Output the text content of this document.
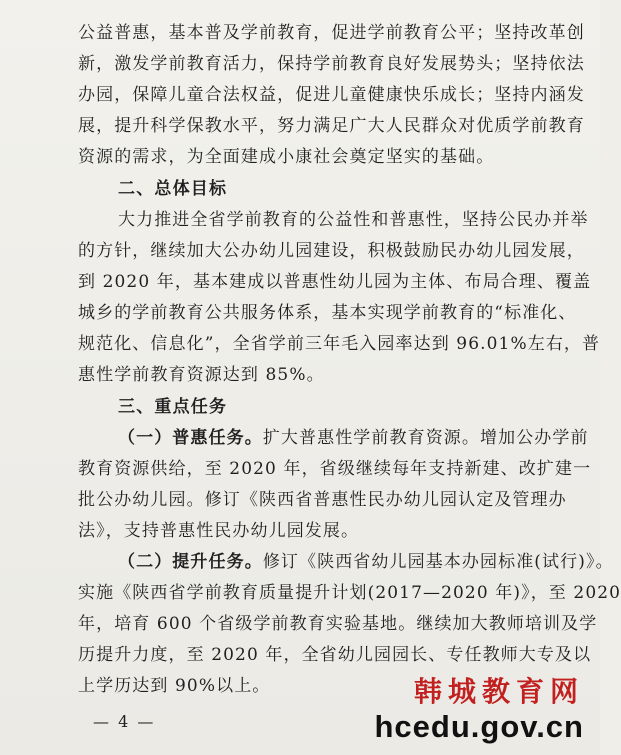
公益普惠，基本普及学前教育，促进学前教育公平；坚持改革创
新，激发学前教育活力，保持学前教育良好发展势头；坚持依法
办园，保障儿童合法权益，促进儿童健康快乐成长；坚持内涵发
展，提升科学保教水平，努力满足广大人民群众对优质学前教育
资源的需求，为全面建成小康社会奠定坚实的基础。
二、总体目标
大力推进全省学前教育的公益性和普惠性，坚持公民办并举
的方针，继续加大公办幼儿园建设，积极鼓励民办幼儿园发展，
到 2020 年，基本建成以普惠性幼儿园为主体、布局合理、覆盖
城乡的学前教育公共服务体系，基本实现学前教育的“标准化、
规范化、信息化”，全省学前三年毛入园率达到 96.01%左右，普
惠性学前教育资源达到 85%。
三、重点任务
（一）普惠任务。扩大普惠性学前教育资源。增加公办学前
教育资源供给，至 2020 年，省级继续每年支持新建、改扩建一
批公办幼儿园。修订《陕西省普惠性民办幼儿园认定及管理办
法》，支持普惠性民办幼儿园发展。
（二）提升任务。修订《陕西省幼儿园基本办园标准(试行)》。
实施《陕西省学前教育质量提升计划(2017—2020 年)》，至 2020
年，培育 600 个省级学前教育实验基地。继续加大教师培训及学
历提升力度，至 2020 年，全省幼儿园园长、专任教师大专及以
上学历达到 90%以上。
— 4 —
韩城教育网
hcedu.gov.cn
